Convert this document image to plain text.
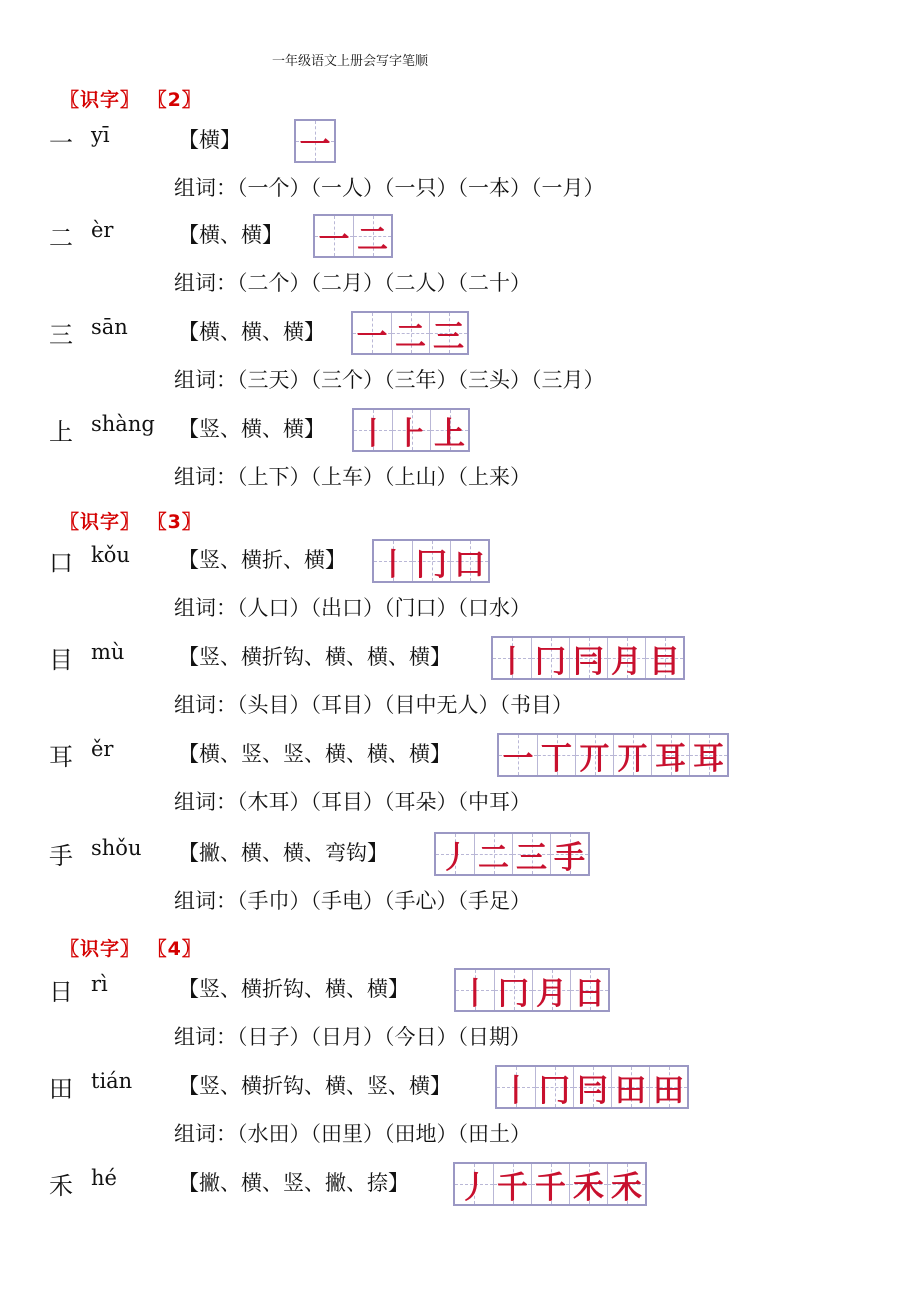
一年级语文上册会写字笔顺
〖识字〗 〖2〗
〖识字〗 〖3〗
〖识字〗 〖4〗
一 yī	【横】 一
组词：（一个）（一人）（一只）（一本）（一月）
二 èr	【横、横】 一 二
组词：（二个）（二月）（二人）（二十）
三 sān 【横、横、横】 一 二 三
组词：（三天）（三个）（三年）（三头）（三月）
上 shàng 【竖、横、横】 丨 ⺊ 上
组词：（上下）（上车）（上山）（上来）
口 kǒu 【竖、横折、横】 丨 冂 口
组词：（人口）（出口）（门口）（口水）
目 mù	【竖、横折钩、横、横、横】 丨 冂 冃 月 目
组词：（头目）（耳目）（目中无人）（书目）
耳 ěr	【横、竖、竖、横、横、横】 一 丅 丌 丌 耳 耳
组词：（木耳）（耳目）（耳朵）（中耳）
手 shǒu 【撇、横、横、弯钩】 丿 二 三 手
组词：（手巾）（手电）（手心）（手足）
日 rì	【竖、横折钩、横、横】 丨 冂 月 日
组词：（日子）（日月）（今日）（日期）
田 tián 【竖、横折钩、横、竖、横】 丨 冂 冃 田 田
组词：（水田）（田里）（田地）（田土）
禾 hé	【撇、横、竖、撇、捺】 丿 千 千 禾 禾
